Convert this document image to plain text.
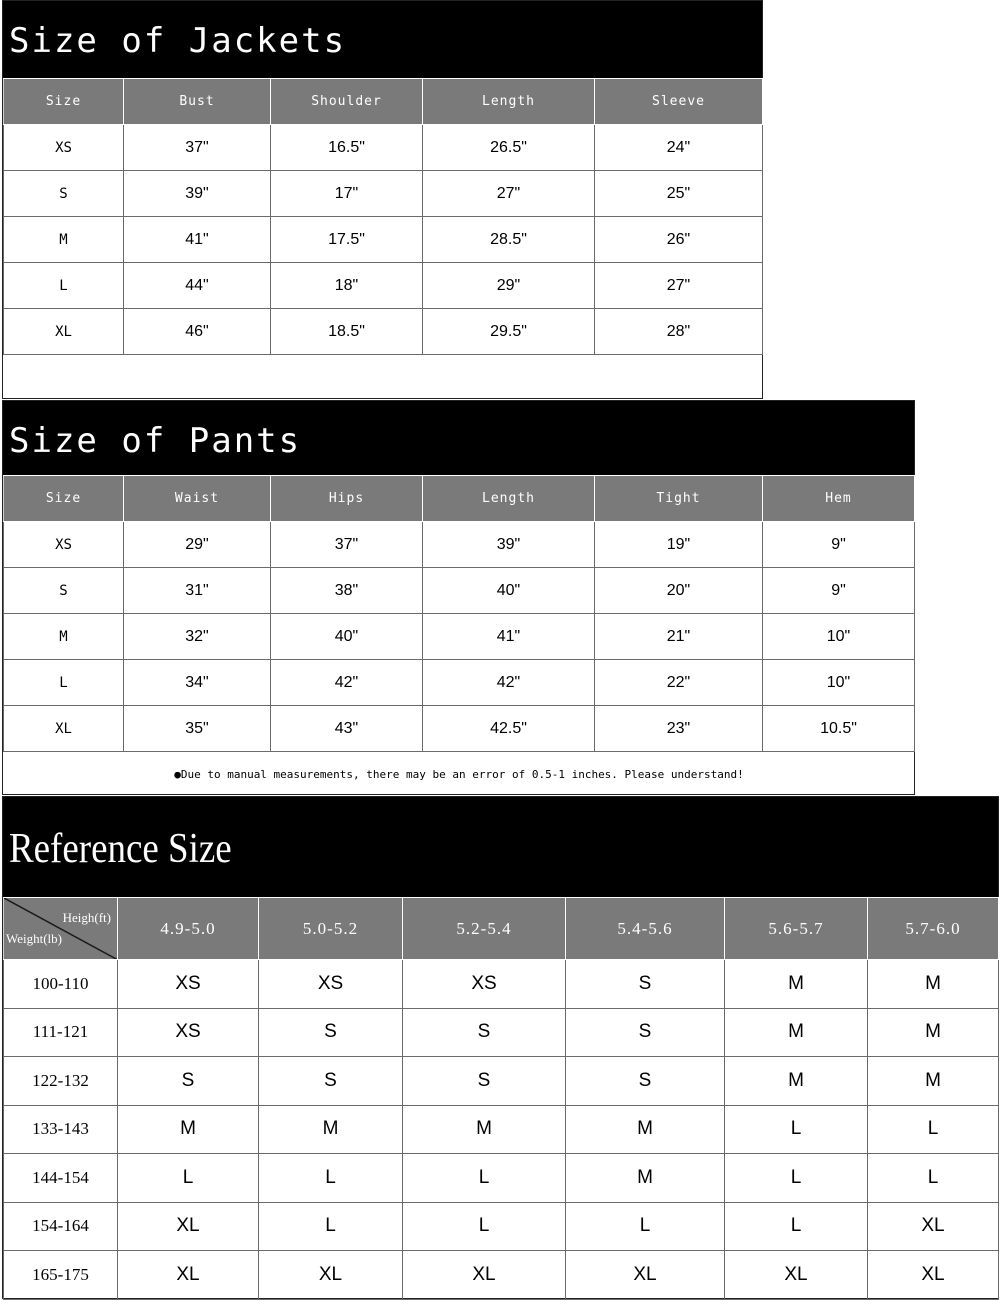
Size of Jackets
Size	Bust	Shoulder	Length	Sleeve
XS	37"	16.5"	26.5"	24"
S	39"	17"	27"	25"
M	41"	17.5"	28.5"	26"
L	44"	18"	29"	27"
XL	46"	18.5"	29.5"	28"
Size of Pants
Size	Waist	Hips	Length	Tight	Hem
XS	29"	37"	39"	19"	9"
S	31"	38"	40"	20"	9"
M	32"	40"	41"	21"	10"
L	34"	42"	42"	22"	10"
XL	35"	43"	42.5"	23"	10.5"
●Due to manual measurements, there may be an error of 0.5-1 inches. Please understand!					
Reference Size
Heigh(ft)
Weight(lb)	4.9-5.0	5.0-5.2	5.2-5.4	5.4-5.6	5.6-5.7	5.7-6.0
100-110	XS	XS	XS	S	M	M
111-121	XS	S	S	S	M	M
122-132	S	S	S	S	M	M
133-143	M	M	M	M	L	L
144-154	L	L	L	M	L	L
154-164	XL	L	L	L	L	XL
165-175	XL	XL	XL	XL	XL	XL
